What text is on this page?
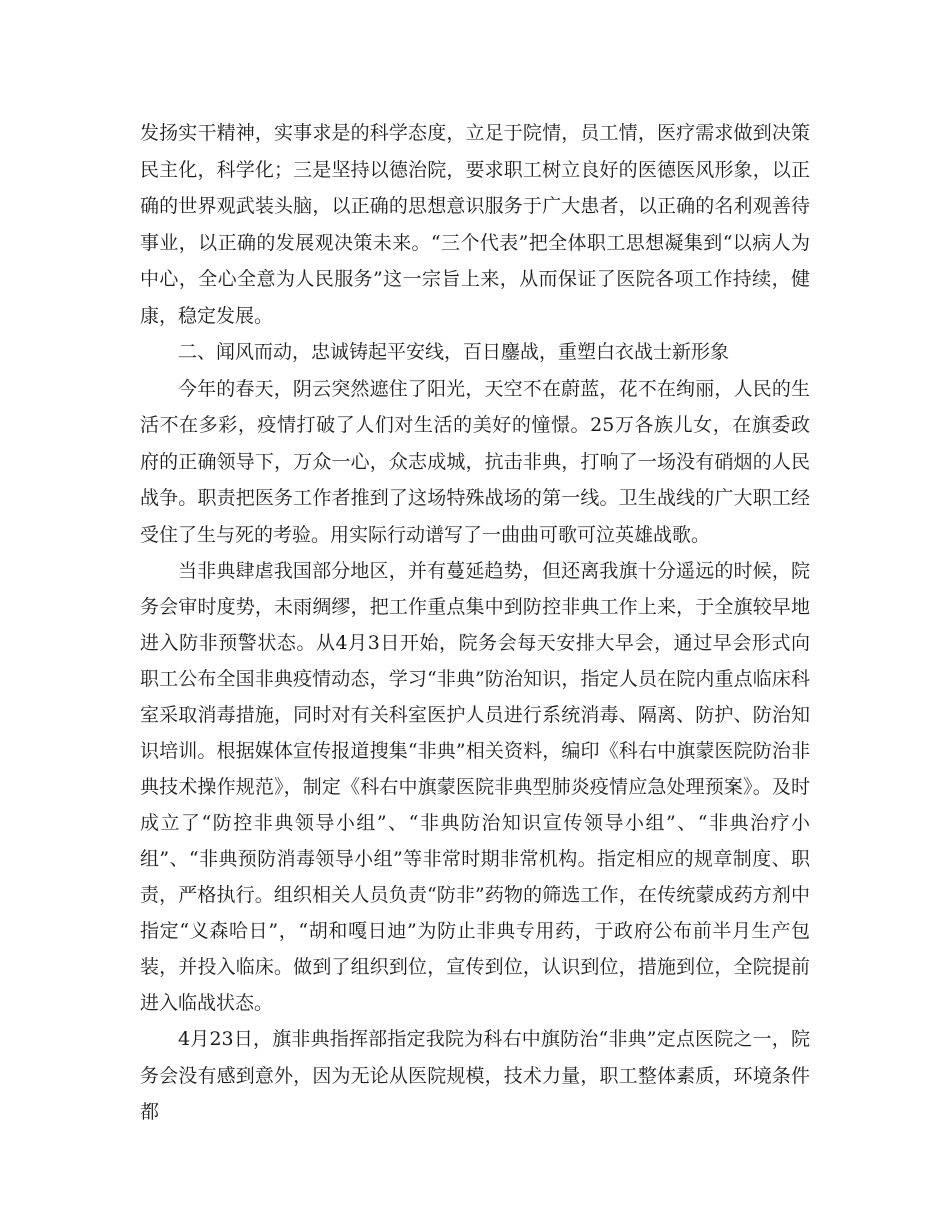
发扬实干精神，实事求是的科学态度，立足于院情，员工情，医疗需求做到决策民主化，科学化；三是坚持以德治院，要求职工树立良好的医德医风形象，以正确的世界观武装头脑，以正确的思想意识服务于广大患者，以正确的名利观善待事业，以正确的发展观决策未来。“三个代表”把全体职工思想凝集到“以病人为中心，全心全意为人民服务”这一宗旨上来，从而保证了医院各项工作持续，健康，稳定发展。

二、闻风而动，忠诚铸起平安线，百日鏖战，重塑白衣战士新形象

今年的春天，阴云突然遮住了阳光，天空不在蔚蓝，花不在绚丽，人民的生活不在多彩，疫情打破了人们对生活的美好的憧憬。25万各族儿女，在旗委政府的正确领导下，万众一心，众志成城，抗击非典，打响了一场没有硝烟的人民战争。职责把医务工作者推到了这场特殊战场的第一线。卫生战线的广大职工经受住了生与死的考验。用实际行动谱写了一曲曲可歌可泣英雄战歌。

当非典肆虐我国部分地区，并有蔓延趋势，但还离我旗十分遥远的时候，院务会审时度势，未雨绸缪，把工作重点集中到防控非典工作上来，于全旗较早地进入防非预警状态。从4月3日开始，院务会每天安排大早会，通过早会形式向职工公布全国非典疫情动态，学习“非典”防治知识，指定人员在院内重点临床科室采取消毒措施，同时对有关科室医护人员进行系统消毒、隔离、防护、防治知识培训。根据媒体宣传报道搜集“非典”相关资料，编印《科右中旗蒙医院防治非典技术操作规范》，制定《科右中旗蒙医院非典型肺炎疫情应急处理预案》。及时成立了“防控非典领导小组”、“非典防治知识宣传领导小组”、“非典治疗小组”、“非典预防消毒领导小组”等非常时期非常机构。指定相应的规章制度、职责，严格执行。组织相关人员负责“防非”药物的筛选工作，在传统蒙成药方剂中指定“义森哈日”，“胡和嘎日迪”为防止非典专用药，于政府公布前半月生产包装，并投入临床。做到了组织到位，宣传到位，认识到位，措施到位，全院提前进入临战状态。

4月23日，旗非典指挥部指定我院为科右中旗防治“非典”定点医院之一，院务会没有感到意外，因为无论从医院规模，技术力量，职工整体素质，环境条件都
